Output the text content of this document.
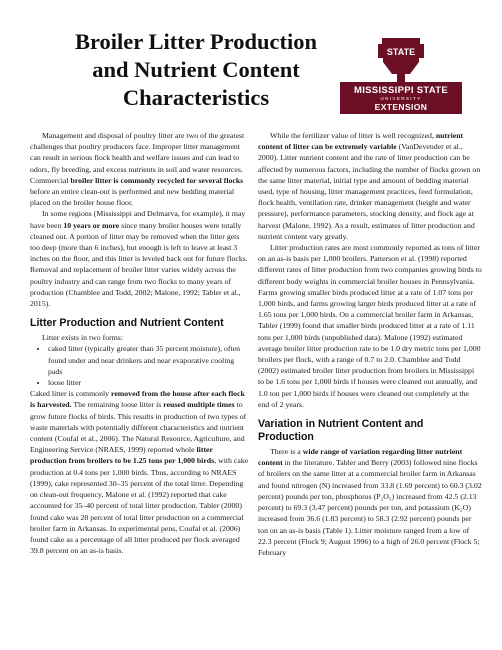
Broiler Litter Production
and Nutrient Content
Characteristics
STATE
MISSISSIPPI STATE
UNIVERSITY
EXTENSION

Management and disposal of poultry litter are two of the greatest challenges that poultry producers face. Improper litter management can result in serious flock health and welfare issues and can lead to odors, fly breeding, and excess nutrients in soil and water resources. Commercial broiler litter is commonly recycled for several flocks before an entire clean-out is performed and new bedding material placed on the broiler house floor.

In some regions (Mississippi and Delmarva, for example), it may have been 10 years or more since many broiler houses were totally cleaned out. A portion of litter may be removed when the litter gets too deep (more than 6 inches), but enough is left to leave at least 3 inches on the floor, and this litter is leveled back out for future flocks. Removal and replacement of broiler litter varies widely across the poultry industry and can range from two flocks to many years of production (Chamblee and Todd, 2002; Malone, 1992; Tabler et al., 2015).

Litter Production and Nutrient Content

Litter exists in two forms:

• caked litter (typically greater than 35 percent moisture), often found under and near drinkers and near evaporative cooling pads
• loose litter

Caked litter is commonly removed from the house after each flock is harvested. The remaining loose litter is reused multiple times to grow future flocks of birds. This results in production of two types of waste materials with potentially different characteristics and nutrient content (Coufal et al., 2006). The Natural Resource, Agriculture, and Engineering Service (NRAES, 1999) reported whole litter production from broilers to be 1.25 tons per 1,000 birds, with cake production at 0.4 tons per 1,000 birds. Thus, according to NRAES (1999), cake represented 30–35 percent of the total litter. Depending on clean-out frequency, Malone et al. (1992) reported that cake accounted for 35–40 percent of total litter production. Tabler (2000) found cake was 28 percent of total litter production on a commercial broiler farm in Arkansas. In experimental pens, Coufal et al. (2006) found cake as a percentage of all litter produced per flock averaged 39.8 percent on an as-is basis.

While the fertilizer value of litter is well recognized, nutrient content of litter can be extremely variable (VanDevender et al., 2000). Litter nutrient content and the rate of litter production can be affected by numerous factors, including the number of flocks grown on the same litter material, initial type and amount of bedding material used, type of housing, litter management practices, feed formulation, flock health, ventilation rate, drinker management (height and water pressure), performance parameters, stocking density, and flock age at harvest (Malone, 1992). As a result, estimates of litter production and nutrient content vary greatly.

Litter production rates are most commonly reported as tons of litter on an as-is basis per 1,000 broilers. Patterson et al. (1998) reported different rates of litter production from two companies growing birds to different body weights in commercial broiler houses in Pennsylvania. Farms growing smaller birds produced litter at a rate of 1.07 tons per 1,000 birds, and farms growing larger birds produced litter at a rate of 1.65 tons per 1,000 birds. On a commercial broiler farm in Arkansas, Tabler (1999) found that smaller birds produced litter at a rate of 1.11 tons per 1,000 birds (unpublished data). Malone (1992) estimated average broiler litter production rate to be 1.0 dry metric tons per 1,000 broilers per flock, with a range of 0.7 to 2.0. Chamblee and Todd (2002) estimated broiler litter production from broilers in Mississippi to be 1.6 tons per 1,000 birds if houses were cleaned out annually, and 1.0 ton per 1,000 birds if houses were cleaned out completely at the end of 2 years.

Variation in Nutrient Content and Production

There is a wide range of variation regarding litter nutrient content in the literature. Tabler and Berry (2003) followed nine flocks of broilers on the same litter at a commercial broiler farm in Arkansas and found nitrogen (N) increased from 33.8 (1.69 percent) to 60.3 (3.02 percent) pounds per ton, phosphorus (P₂O₅) increased from 42.5 (2.13 percent) to 69.3 (3.47 percent) pounds per ton, and potassium (K₂O) increased from 36.6 (1.83 percent) to 58.3 (2.92 percent) pounds per ton on an as-is basis (Table 1). Litter moisture ranged from a low of 22.3 percent (Flock 9; August 1996) to a high of 26.0 percent (Flock 5; February
